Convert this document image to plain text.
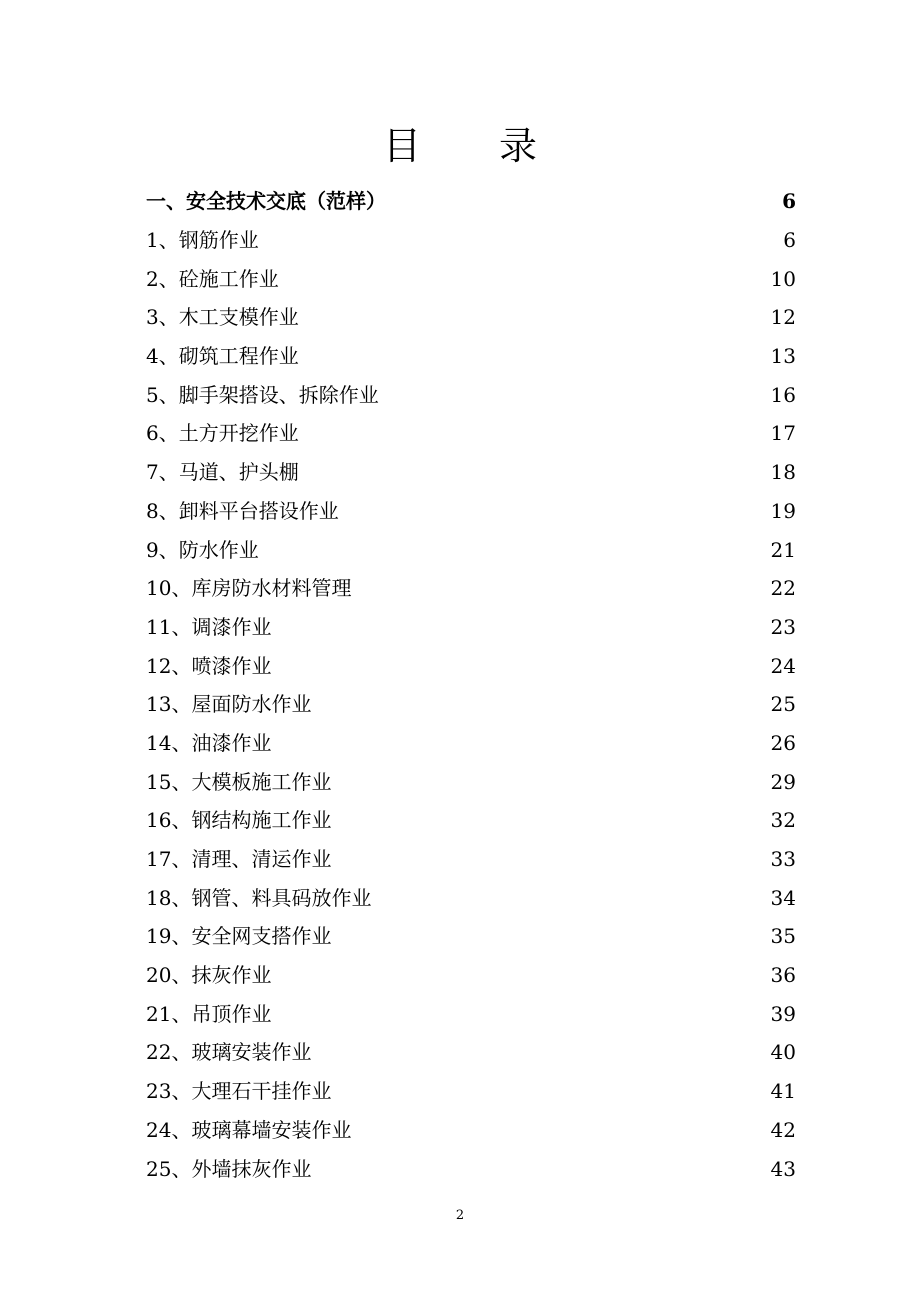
目录
一、安全技术交底（范样）	6
1、钢筋作业	6
2、砼施工作业	10
3、木工支模作业	12
4、砌筑工程作业	13
5、脚手架搭设、拆除作业	16
6、土方开挖作业	17
7、马道、护头棚	18
8、卸料平台搭设作业	19
9、防水作业	21
10、库房防水材料管理	22
11、调漆作业	23
12、喷漆作业	24
13、屋面防水作业	25
14、油漆作业	26
15、大模板施工作业	29
16、钢结构施工作业	32
17、清理、清运作业	33
18、钢管、料具码放作业	34
19、安全网支搭作业	35
20、抹灰作业	36
21、吊顶作业	39
22、玻璃安装作业	40
23、大理石干挂作业	41
24、玻璃幕墙安装作业	42
25、外墙抹灰作业	43
2
